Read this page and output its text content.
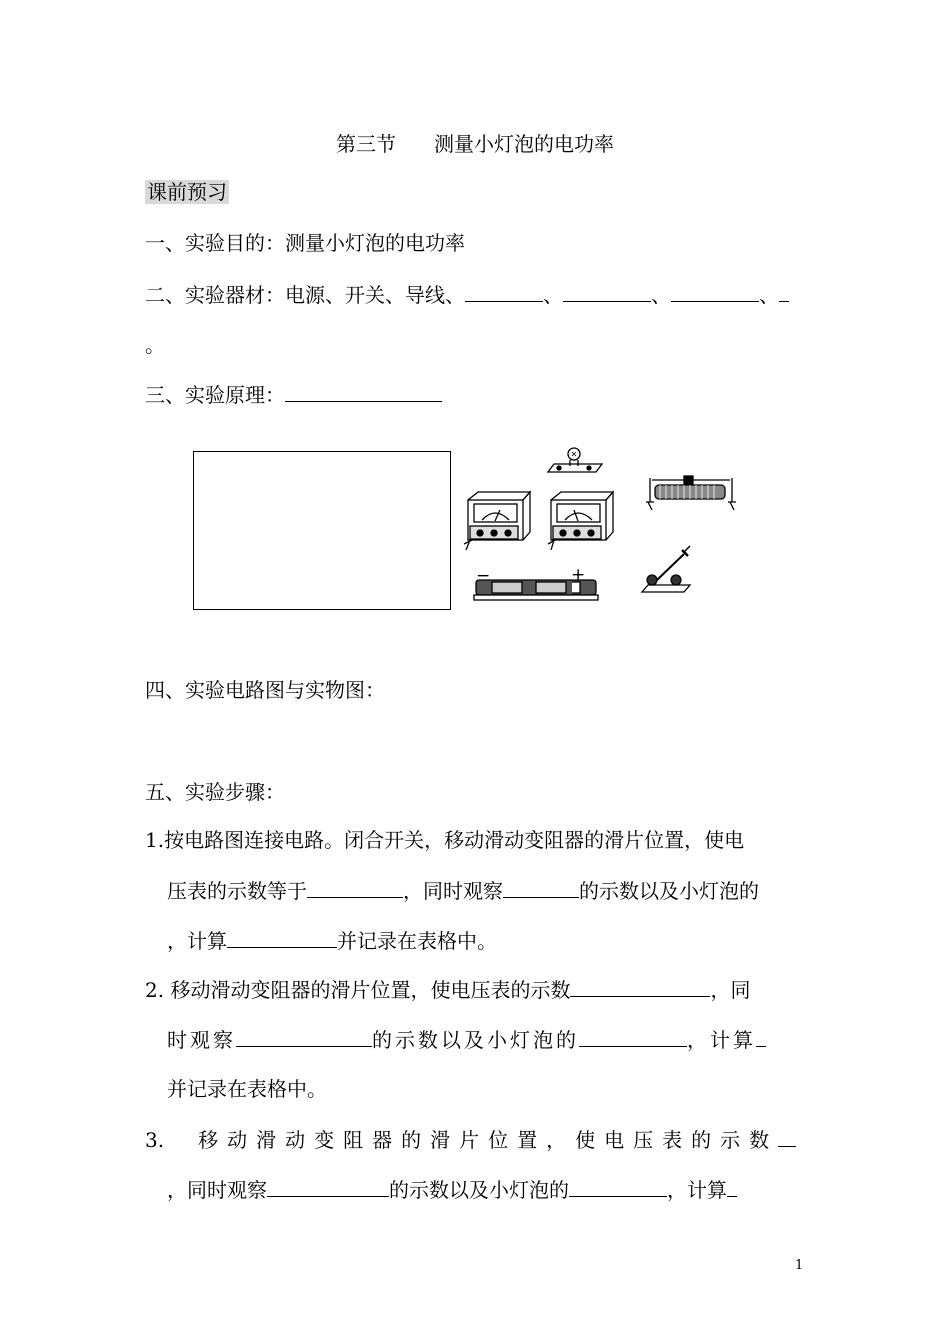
第三节 测量小灯泡的电功率
课前预习
一、实验目的：测量小灯泡的电功率
二、实验器材：电源、开关、导线、	、	、	、
。
三、实验原理：
−	+
四、实验电路图与实物图：
五、实验步骤：
1.按电路图连接电路。闭合开关，移动滑动变阻器的滑片位置，使电
压表的示数等于	，同时观察	的示数以及小灯泡的
，计算	并记录在表格中。
2. 移动滑动变阻器的滑片位置，使电压表的示数	，同
时观察	的示数以及小灯泡的	，计算
并记录在表格中。
3. 移动滑动变阻器的滑片位置，使电压表的示数
，同时观察	的示数以及小灯泡的	，计算
1
